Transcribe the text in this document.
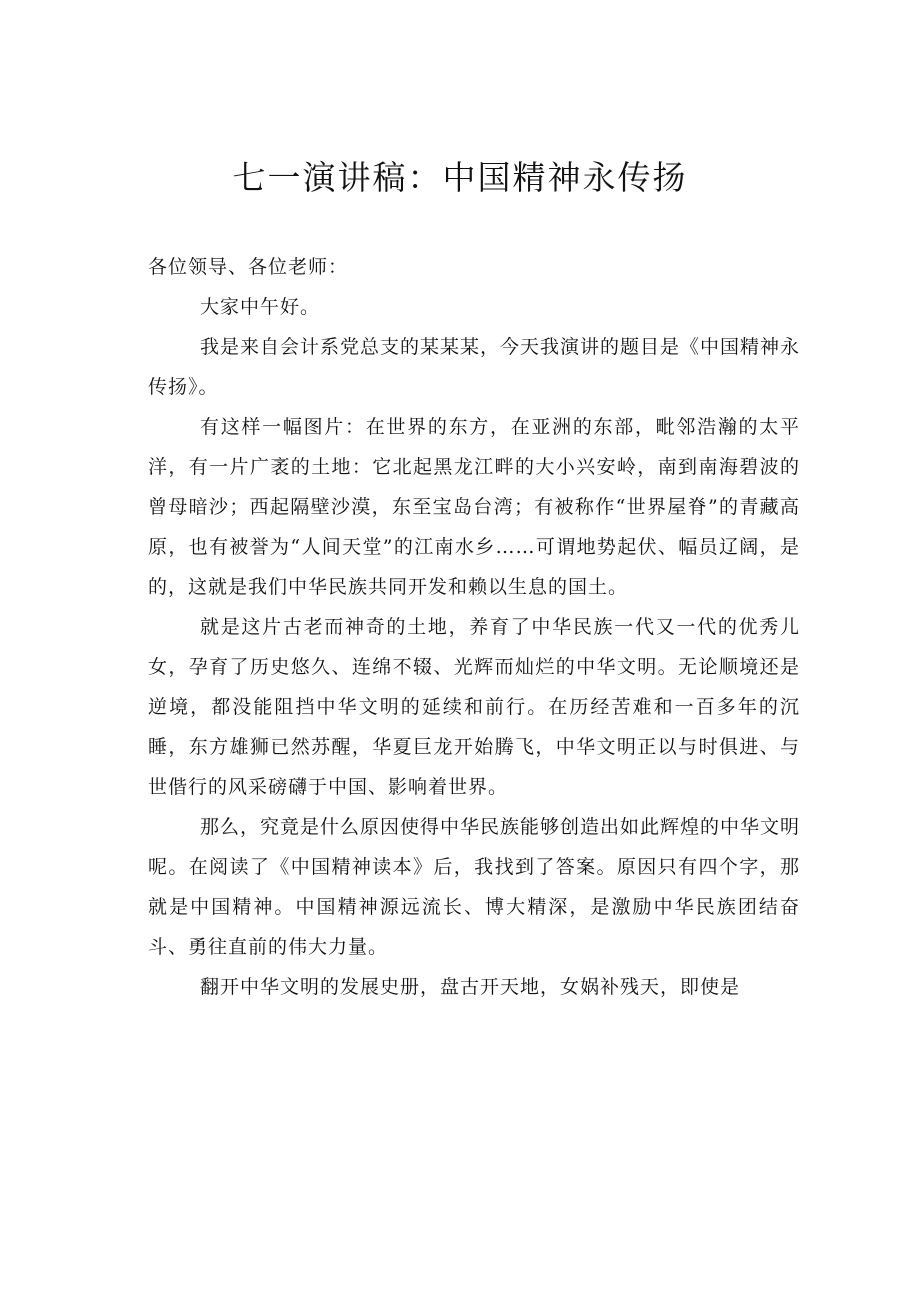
七一演讲稿：中国精神永传扬

各位领导、各位老师：

大家中午好。

我是来自会计系党总支的某某某，今天我演讲的题目是《中国精神永传扬》。

有这样一幅图片：在世界的东方，在亚洲的东部，毗邻浩瀚的太平洋，有一片广袤的土地：它北起黑龙江畔的大小兴安岭，南到南海碧波的曾母暗沙；西起隔壁沙漠，东至宝岛台湾；有被称作“世界屋脊”的青藏高原，也有被誉为“人间天堂”的江南水乡……可谓地势起伏、幅员辽阔，是的，这就是我们中华民族共同开发和赖以生息的国土。

就是这片古老而神奇的土地，养育了中华民族一代又一代的优秀儿女，孕育了历史悠久、连绵不辍、光辉而灿烂的中华文明。无论顺境还是逆境，都没能阻挡中华文明的延续和前行。在历经苦难和一百多年的沉睡，东方雄狮已然苏醒，华夏巨龙开始腾飞，中华文明正以与时俱进、与世偕行的风采磅礴于中国、影响着世界。

那么，究竟是什么原因使得中华民族能够创造出如此辉煌的中华文明呢。在阅读了《中国精神读本》后，我找到了答案。原因只有四个字，那就是中国精神。中国精神源远流长、博大精深，是激励中华民族团结奋斗、勇往直前的伟大力量。

翻开中华文明的发展史册，盘古开天地，女娲补残天，即使是
